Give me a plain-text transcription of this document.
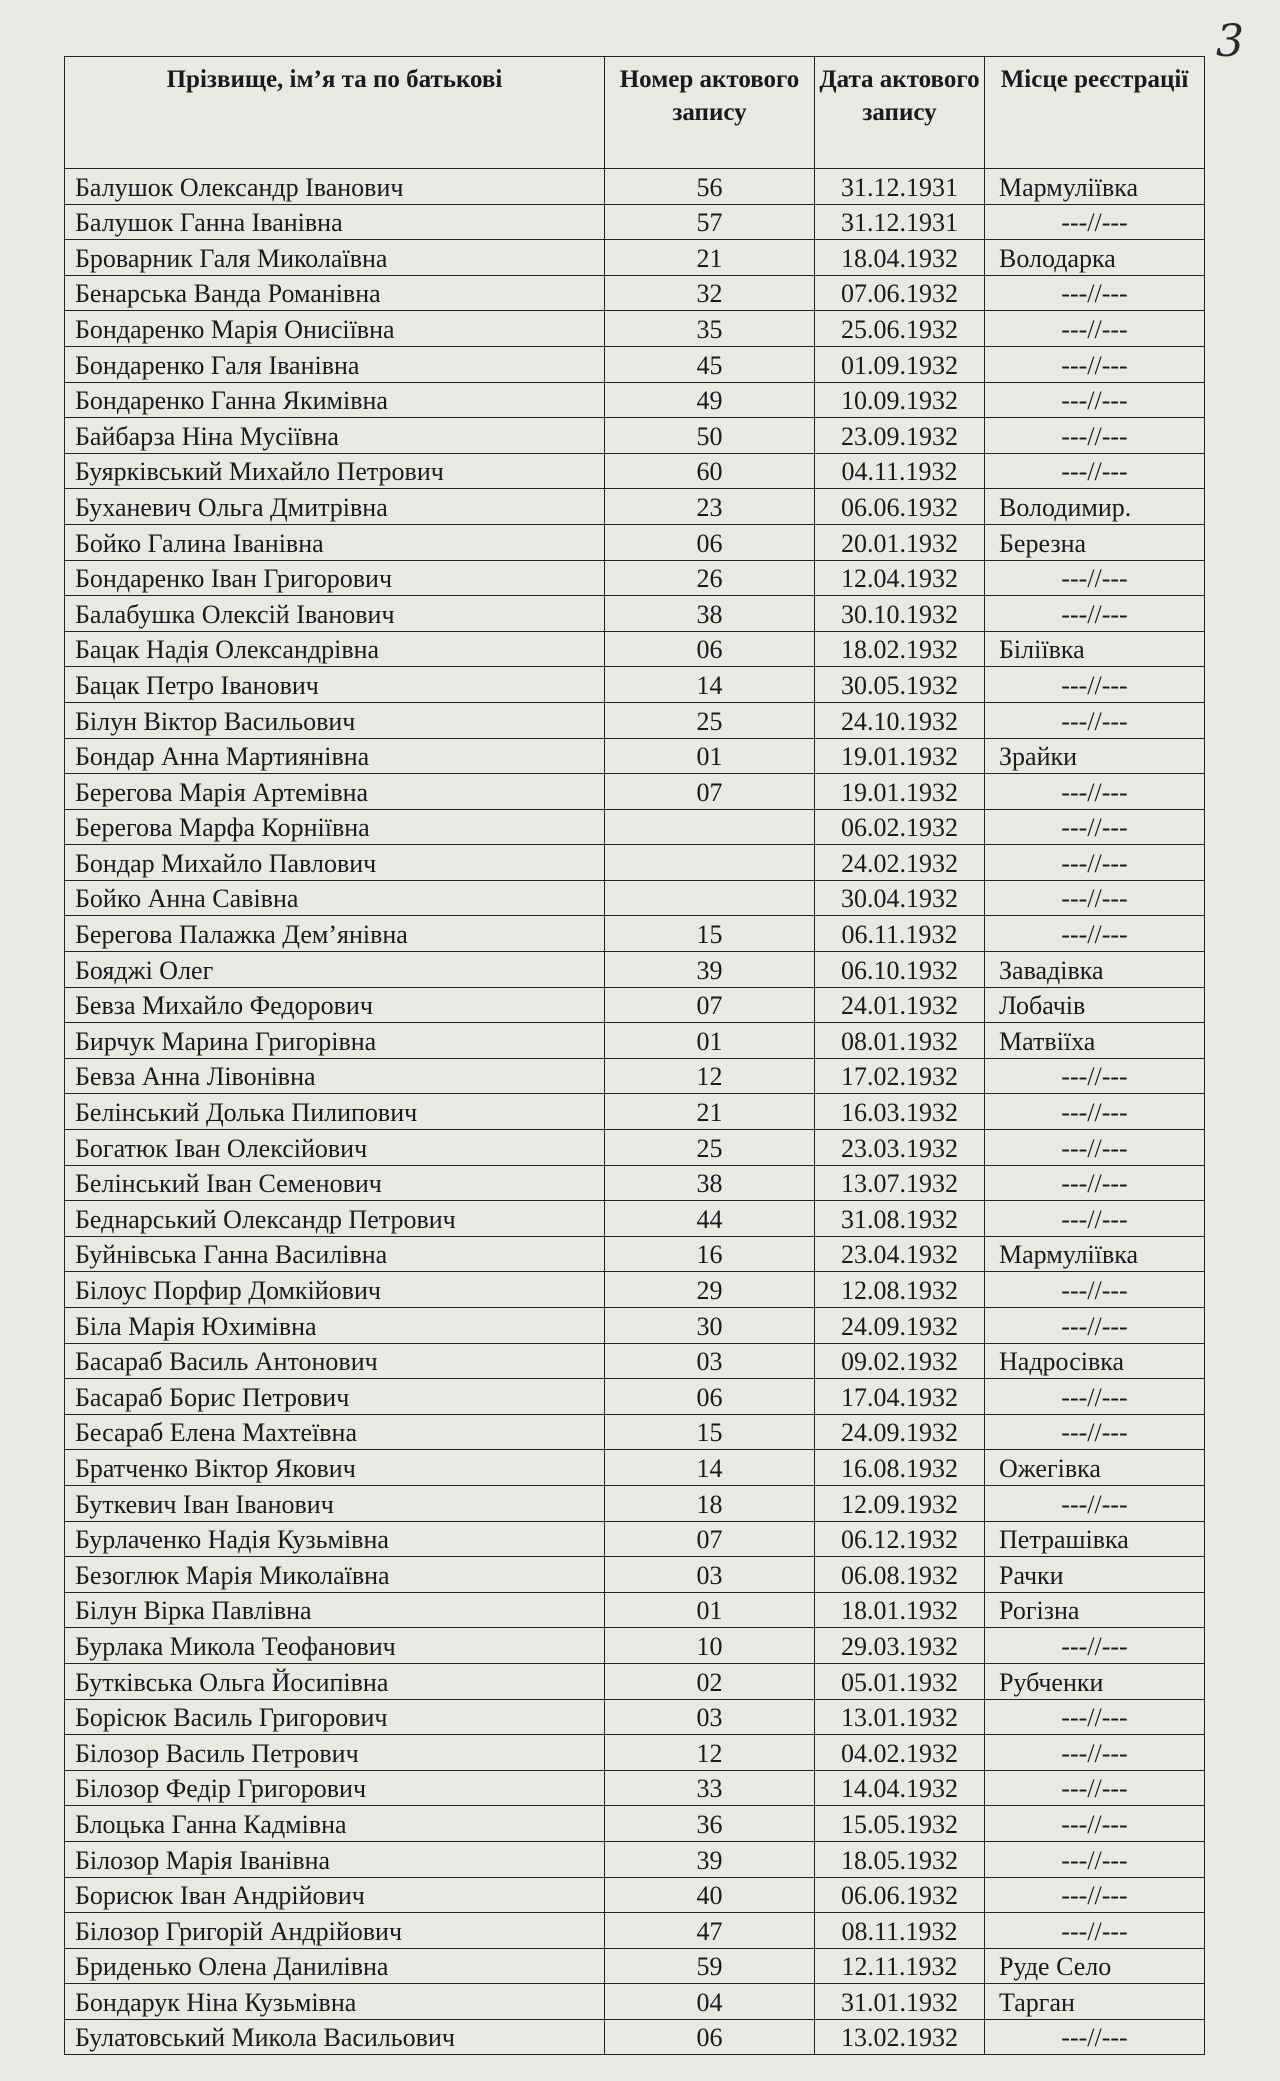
3
Прізвище, ім’я та по батькові	Номер актового запису	Дата актового запису	Місце реєстрації
Балушок Олександр Іванович	56	31.12.1931	Мармуліївка
Балушок Ганна Іванівна	57	31.12.1931	---//---
Броварник Галя Миколаївна	21	18.04.1932	Володарка
Бенарська Ванда Романівна	32	07.06.1932	---//---
Бондаренко Марія Онисіївна	35	25.06.1932	---//---
Бондаренко Галя Іванівна	45	01.09.1932	---//---
Бондаренко Ганна Якимівна	49	10.09.1932	---//---
Байбарза Ніна Мусіївна	50	23.09.1932	---//---
Буярківський Михайло Петрович	60	04.11.1932	---//---
Буханевич Ольга Дмитрівна	23	06.06.1932	Володимир.
Бойко Галина Іванівна	06	20.01.1932	Березна
Бондаренко Іван Григорович	26	12.04.1932	---//---
Балабушка Олексій Іванович	38	30.10.1932	---//---
Бацак Надія Олександрівна	06	18.02.1932	Біліївка
Бацак Петро Іванович	14	30.05.1932	---//---
Білун Віктор Васильович	25	24.10.1932	---//---
Бондар Анна Мартиянівна	01	19.01.1932	Зрайки
Берегова Марія Артемівна	07	19.01.1932	---//---
Берегова Марфа Корніївна		06.02.1932	---//---
Бондар Михайло Павлович		24.02.1932	---//---
Бойко Анна Савівна		30.04.1932	---//---
Берегова Палажка Дем’янівна	15	06.11.1932	---//---
Бояджі Олег	39	06.10.1932	Завадівка
Бевза Михайло Федорович	07	24.01.1932	Лобачів
Бирчук Марина Григорівна	01	08.01.1932	Матвіїха
Бевза Анна Лівонівна	12	17.02.1932	---//---
Белінський Долька Пилипович	21	16.03.1932	---//---
Богатюк Іван Олексійович	25	23.03.1932	---//---
Белінський Іван Семенович	38	13.07.1932	---//---
Беднарський Олександр Петрович	44	31.08.1932	---//---
Буйнівська Ганна Василівна	16	23.04.1932	Мармуліївка
Білоус Порфир Домкійович	29	12.08.1932	---//---
Біла Марія Юхимівна	30	24.09.1932	---//---
Басараб Василь Антонович	03	09.02.1932	Надросівка
Басараб Борис Петрович	06	17.04.1932	---//---
Бесараб Елена Махтеївна	15	24.09.1932	---//---
Братченко Віктор Якович	14	16.08.1932	Ожегівка
Буткевич Іван Іванович	18	12.09.1932	---//---
Бурлаченко Надія Кузьмівна	07	06.12.1932	Петрашівка
Безоглюк Марія Миколаївна	03	06.08.1932	Рачки
Білун Вірка Павлівна	01	18.01.1932	Рогізна
Бурлака Микола Теофанович	10	29.03.1932	---//---
Бутківська Ольга Йосипівна	02	05.01.1932	Рубченки
Борісюк Василь Григорович	03	13.01.1932	---//---
Білозор Василь Петрович	12	04.02.1932	---//---
Білозор Федір Григорович	33	14.04.1932	---//---
Блоцька Ганна Кадмівна	36	15.05.1932	---//---
Білозор Марія Іванівна	39	18.05.1932	---//---
Борисюк Іван Андрійович	40	06.06.1932	---//---
Білозор Григорій Андрійович	47	08.11.1932	---//---
Бриденько Олена Данилівна	59	12.11.1932	Руде Село
Бондарук Ніна Кузьмівна	04	31.01.1932	Тарган
Булатовський Микола Васильович	06	13.02.1932	---//---
